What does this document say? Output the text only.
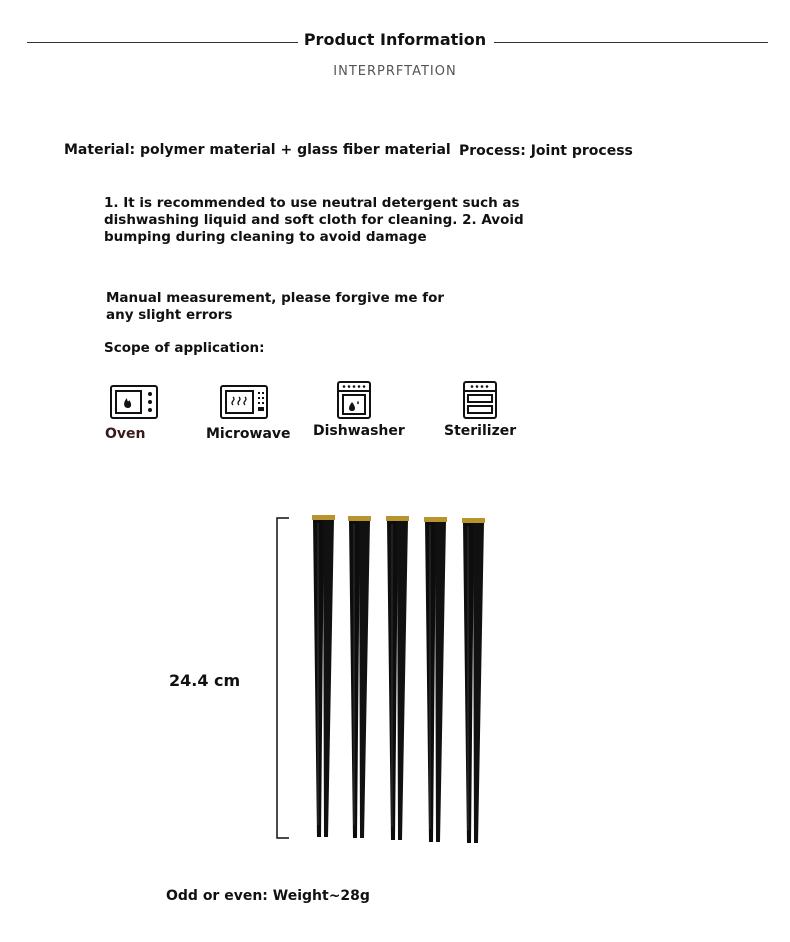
Product Information
INTERPRFTATION
Material: polymer material + glass fiber material Process: Joint process
1. It is recommended to use neutral detergent such as dishwashing liquid and soft cloth for cleaning. 2. Avoid bumping during cleaning to avoid damage
Manual measurement, please forgive me for any slight errors
Scope of application:
Oven	Microwave Dishwasher	Sterilizer
24.4 cm
Odd or even: Weight~28g
